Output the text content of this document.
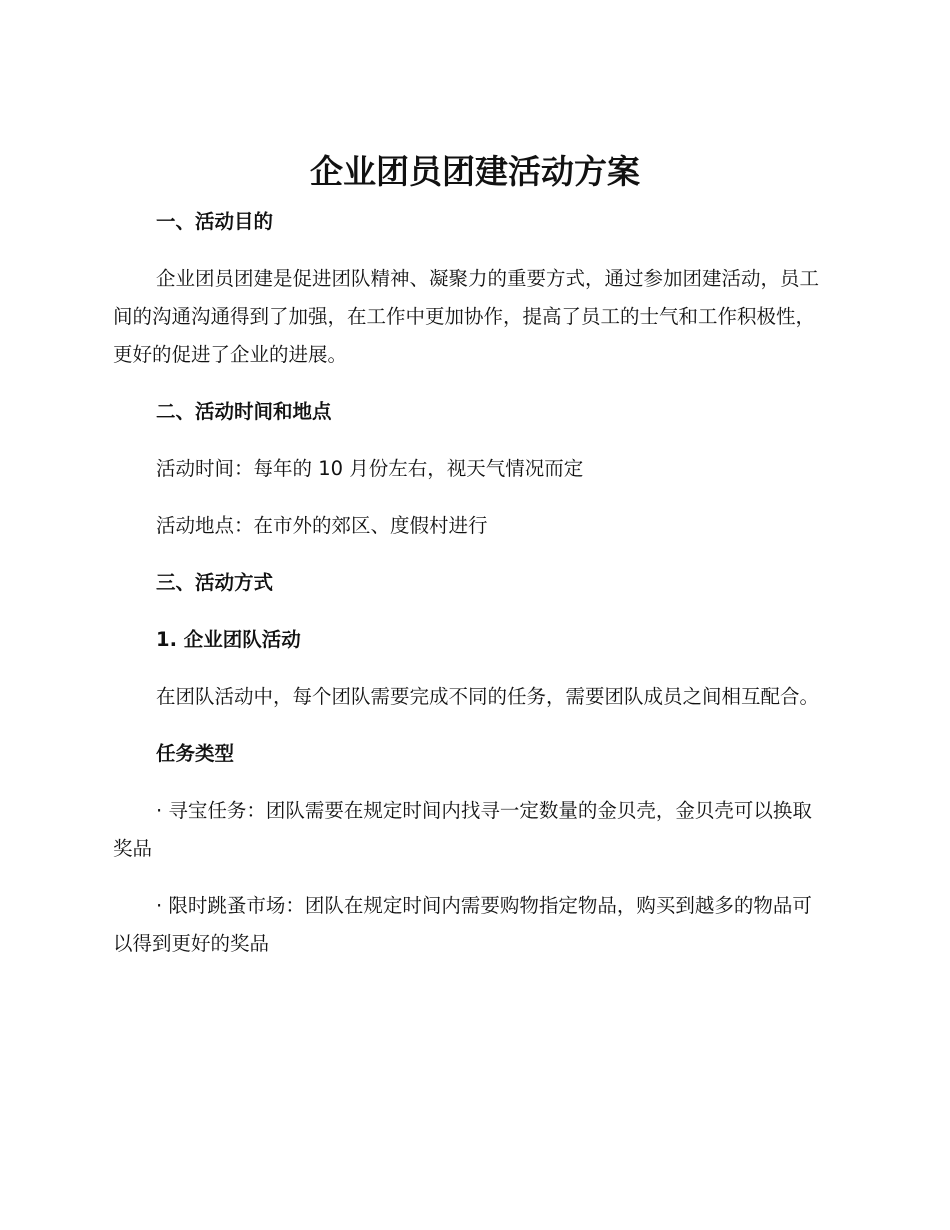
企业团员团建活动方案

一、活动目的

企业团员团建是促进团队精神、凝聚力的重要方式，通过参加团建活动，员工间的沟通沟通得到了加强，在工作中更加协作，提高了员工的士气和工作积极性，更好的促进了企业的进展。

二、活动时间和地点

活动时间：每年的 10 月份左右，视天气情况而定

活动地点：在市外的郊区、度假村进行

三、活动方式

1. 企业团队活动

在团队活动中，每个团队需要完成不同的任务，需要团队成员之间相互配合。

任务类型

· 寻宝任务：团队需要在规定时间内找寻一定数量的金贝壳，金贝壳可以换取奖品

· 限时跳蚤市场：团队在规定时间内需要购物指定物品，购买到越多的物品可以得到更好的奖品
